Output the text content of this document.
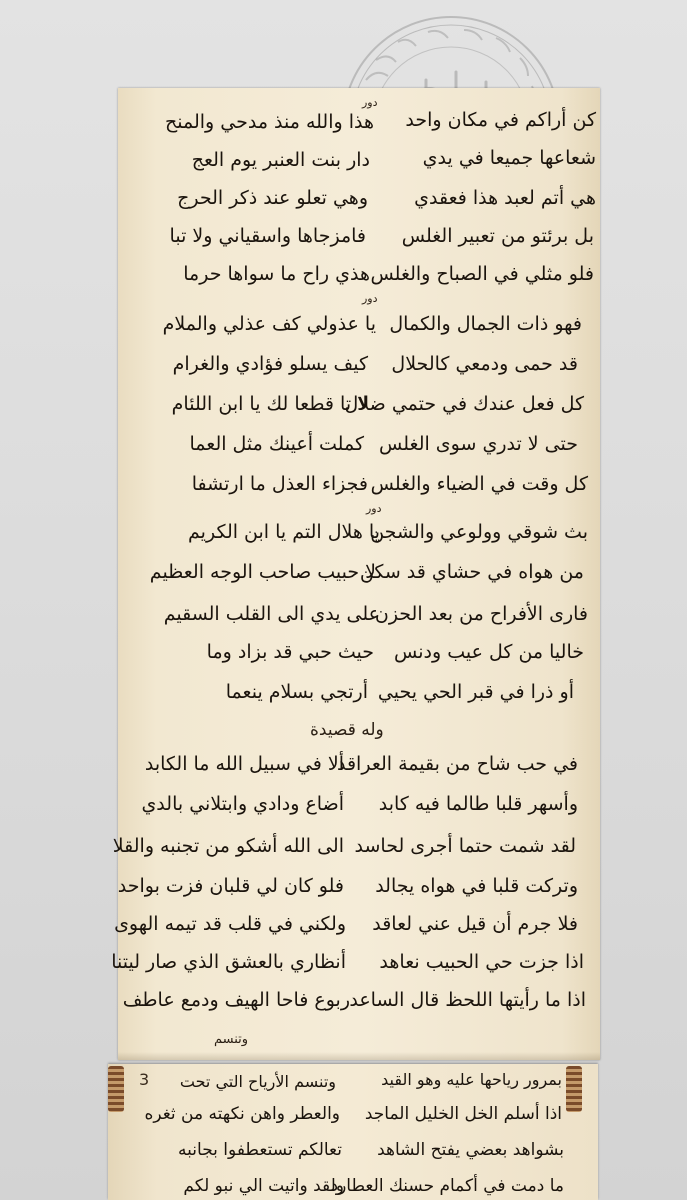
دور
هذا والله منذ مدحي والمنح كن أراكم في مكان واحد
دار بنت العنبر يوم العج	شعاعها جميعا في يدي
وهي تعلو عند ذكر الحرج هي أتم لعبد هذا فعقدي
فامزجاها واسقياني ولا تبا بل برئتو من تعبير الغلس
هذي راح ما سواها حرما فلو مثلي في الصباح والغلس
دور
يا عذولي كف عذلي والملام فهو ذات الجمال والكمال
كيف يسلو فؤادي والغرام قد حمى ودمعي كالحلال
لا تا قطعا لك يا ابن اللئام
كل فعل عندك في حتمي ضلال
كملت أعينك مثل العما حتى لا تدري سوى الغلس
فجزاء العذل ما ارتشفا كل وقت في الضياء والغلس
دور
يا هلال التم يا ابن الكريم
بث شوقي وولوعي والشجن
لا حبيب صاحب الوجه العظيم
من هواه في حشاي قد سكن
على يدي الى القلب السقيم
فارى الأفراح من بعد الحزن
حيث حبي قد بزاد وما خاليا من كل عيب ودنس
أرتجي بسلام ينعما أو ذرا في قبر الحي يحيي
وله قصيدة
ألا في سبيل الله ما الكابد
في حب شاح من بقيمة العراقد
أضاع ودادي وابتلاني بالدي وأسهر قلبا طالما فيه كابد
الى الله أشكو من تجنبه والقلا لقد شمت حتما أجرى لحاسد
فلو كان لي قلبان فزت بواحد وتركت قلبا في هواه يجالد
ولكني في قلب قد تيمه الهوى فلا جرم أن قيل عني لعاقد
أنظاري بالعشق الذي صار ليتنا اذا جزت حي الحبيب نعاهد
ربوع فاحا الهيف ودمع عاطف اذا ما رأيتها اللحظ قال الساعد
وتنسم
وتنسم الأرياح التي تحت	بمرور رياحها عليه وهو القيد
والعطر واهن نكهته من ثغره اذا أسلم الخل الخليل الماجد
تعالكم تستعطفوا بجانبه بشواهد بعضي يفتح الشاهد
ولقد واتيت الي نبو لكم
ما دمت في أكمام حسنك العطارد
3
